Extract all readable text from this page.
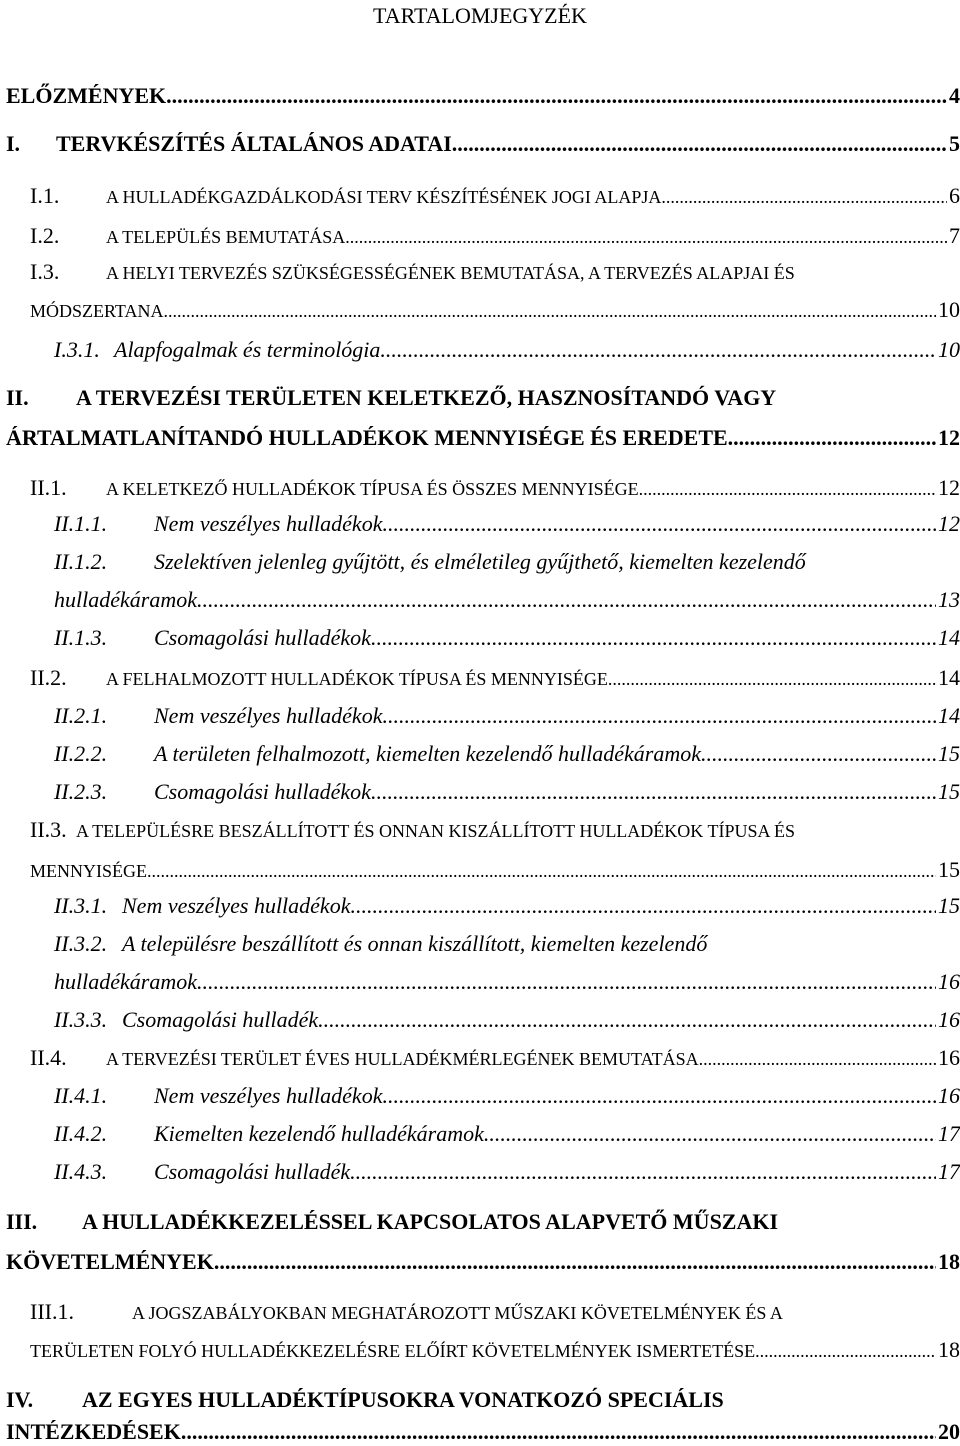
TARTALOMJEGYZÉK
ELŐZMÉNYEK .....	4
I.	TERVKÉSZÍTÉS ÁLTALÁNOS ADATAI .....	5
I.1.	A HULLADÉKGAZDÁLKODÁSI TERV KÉSZÍTÉSÉNEK JOGI ALAPJA .....	6
I.2.	A TELEPÜLÉS BEMUTATÁSA .....	7
I.3.	A HELYI TERVEZÉS SZÜKSÉGESSÉGÉNEK BEMUTATÁSA, A TERVEZÉS ALAPJAI ÉS
MÓDSZERTANA .....	10
I.3.1. Alapfogalmak és terminológia .....	10
II. A TERVEZÉSI TERÜLETEN KELETKEZŐ, HASZNOSÍTANDÓ VAGY
ÁRTALMATLANÍTANDÓ HULLADÉKOK MENNYISÉGE ÉS EREDETE .....	12
II.1.	A KELETKEZŐ HULLADÉKOK TÍPUSA ÉS ÖSSZES MENNYISÉGE .....	12
II.1.1.	Nem veszélyes hulladékok .....	12
II.1.2. Szelektíven jelenleg gyűjtött, és elméletileg gyűjthető, kiemelten kezelendő
hulladékáramok .....	13
II.1.3.	Csomagolási hulladékok .....	14
II.2.	A FELHALMOZOTT HULLADÉKOK TÍPUSA ÉS MENNYISÉGE .....	14
II.2.1.	Nem veszélyes hulladékok .....	14
II.2.2.	A területen felhalmozott, kiemelten kezelendő hulladékáramok .....	15
II.2.3.	Csomagolási hulladékok .....	15
II.3. A TELEPÜLÉSRE BESZÁLLÍTOTT ÉS ONNAN KISZÁLLÍTOTT HULLADÉKOK TÍPUSA ÉS
MENNYISÉGE .....	15
II.3.1. Nem veszélyes hulladékok .....	15
II.3.2. A településre beszállított és onnan kiszállított, kiemelten kezelendő
hulladékáramok .....	16
II.3.3. Csomagolási hulladék .....	16
II.4.	A TERVEZÉSI TERÜLET ÉVES HULLADÉKMÉRLEGÉNEK BEMUTATÁSA .....	16
II.4.1.	Nem veszélyes hulladékok .....	16
II.4.2.	Kiemelten kezelendő hulladékáramok .....	17
II.4.3.	Csomagolási hulladék .....	17
III. A HULLADÉKKEZELÉSSEL KAPCSOLATOS ALAPVETŐ MŰSZAKI
KÖVETELMÉNYEK .....	18
III.1.	A JOGSZABÁLYOKBAN MEGHATÁROZOTT MŰSZAKI KÖVETELMÉNYEK ÉS A
TERÜLETEN FOLYÓ HULLADÉKKEZELÉSRE ELŐÍRT KÖVETELMÉNYEK ISMERTETÉSE .....	18
IV. AZ EGYES HULLADÉKTÍPUSOKRA VONATKOZÓ SPECIÁLIS
INTÉZKEDÉSEK .....	20
